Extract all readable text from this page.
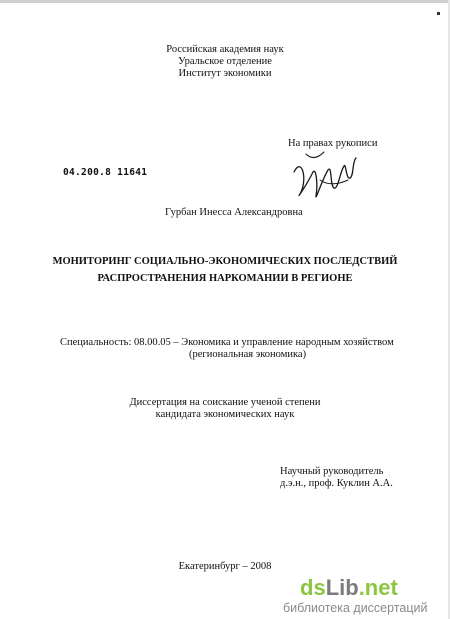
Российская академия наук
Уральское отделение
Институт экономики
На правах рукописи
04.200.8 11641
Гурбан Инесса Александровна
МОНИТОРИНГ СОЦИАЛЬНО-ЭКОНОМИЧЕСКИХ ПОСЛЕДСТВИЙ
РАСПРОСТРАНЕНИЯ НАРКОМАНИИ В РЕГИОНЕ
Специальность: 08.00.05 – Экономика и управление народным хозяйством
(региональная экономика)
Диссертация на соискание ученой степени
кандидата экономических наук
Научный руководитель
д.э.н., проф. Куклин А.А.
Екатеринбург – 2008
dsLib.net
библиотека диссертаций
